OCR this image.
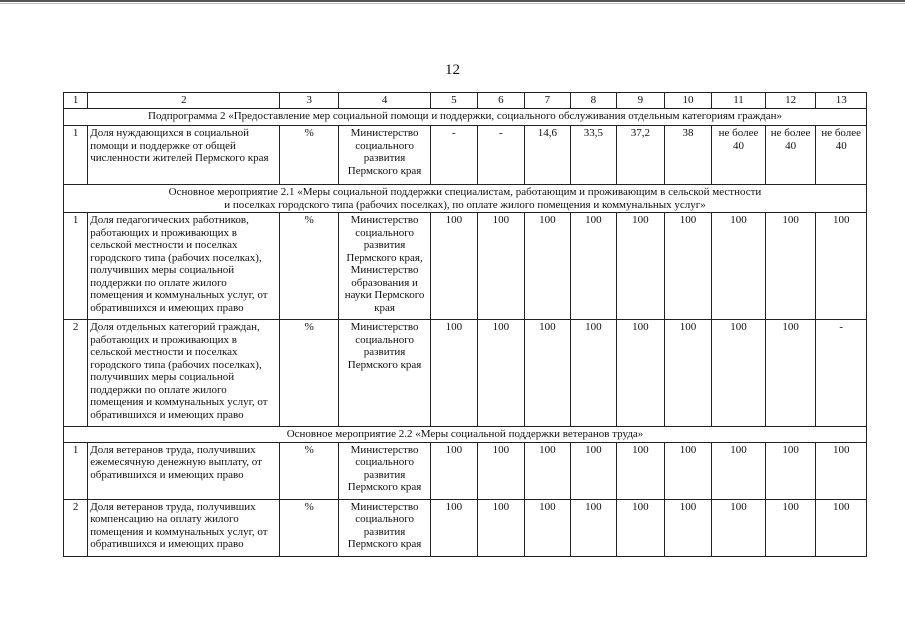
12
1	2	3	4	5	6	7	8	9	10	11	12	13
Подпрограмма 2 «Предоставление мер социальной помощи и поддержки, социального обслуживания отдельным категориям граждан»												
1	Доля нуждающихся в социальной помощи и поддержке от общей численности жителей Пермского края	%	Министерство социального развития Пермского края	-	-	14,6	33,5	37,2	38	не более 40	не более 40	не более 40

Основное мероприятие 2.1 «Меры социальной поддержки специалистам, работающим и проживающим в сельской местности
и поселках городского типа (рабочих поселках), по оплате жилого помещения и коммунальных услуг»												

1	Доля педагогических работников, работающих и проживающих в сельской местности и поселках городского типа (рабочих поселках), получивших меры социальной поддержки по оплате жилого помещения и коммунальных услуг, от обратившихся и имеющих право	%	Министерство социального развития Пермского края, Министерство образования и науки Пермского края	100	100	100	100	100	100	100	100	100
2	Доля отдельных категорий граждан, работающих и проживающих в сельской местности и поселках городского типа (рабочих поселках), получивших меры социальной поддержки по оплате жилого помещения и коммунальных услуг, от обратившихся и имеющих право	%	Министерство социального развития Пермского края	100	100	100	100	100	100	100	100	-
Основное мероприятие 2.2 «Меры социальной поддержки ветеранов труда»												
1	Доля ветеранов труда, получивших ежемесячную денежную выплату, от обратившихся и имеющих право	%	Министерство социального развития Пермского края	100	100	100	100	100	100	100	100	100
2	Доля ветеранов труда, получивших компенсацию на оплату жилого помещения и коммунальных услуг, от обратившихся и имеющих право	%	Министерство социального развития Пермского края	100	100	100	100	100	100	100	100	100
